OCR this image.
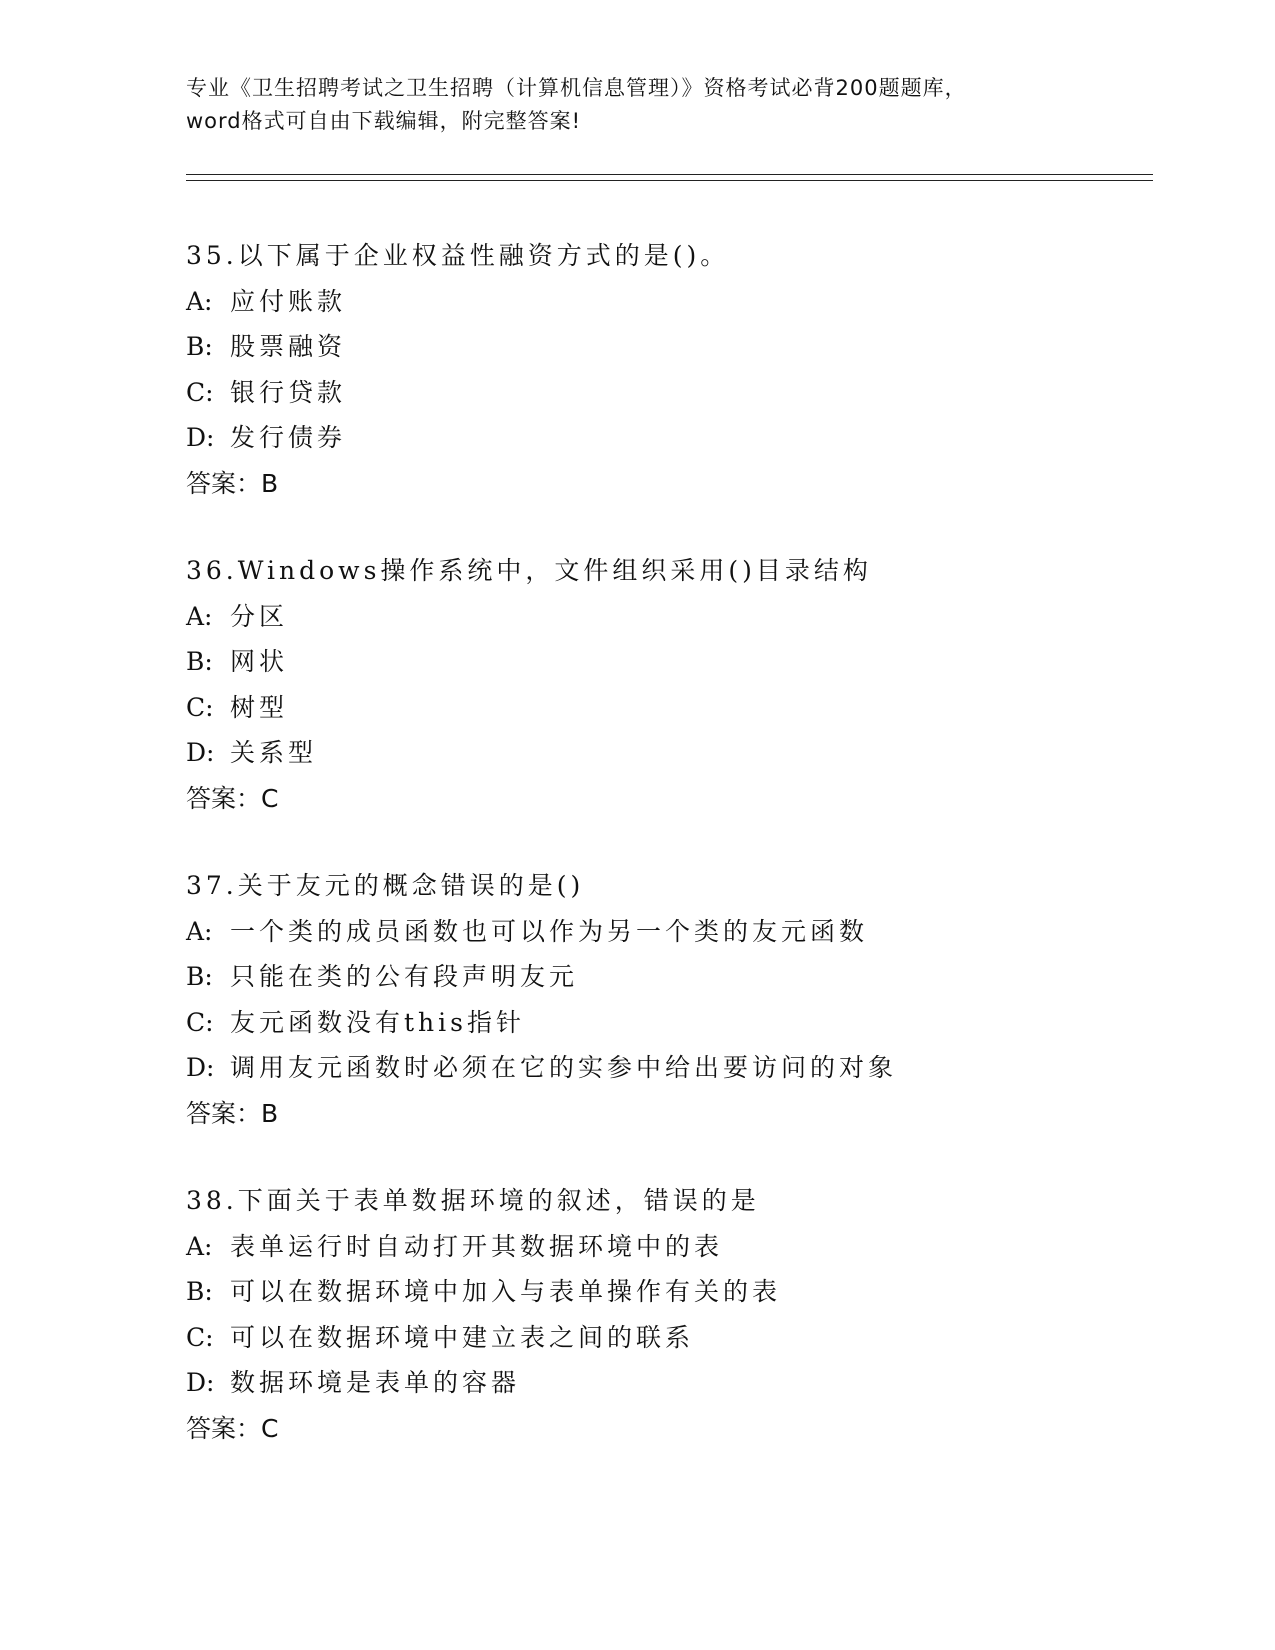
专业《卫生招聘考试之卫生招聘（计算机信息管理）》资格考试必背200题题库，
word格式可自由下载编辑，附完整答案!
35.以下属于企业权益性融资方式的是()。
A: 应付账款
B: 股票融资
C: 银行贷款
D: 发行债券
答案：B
36.Windows操作系统中，文件组织采用()目录结构
A: 分区
B: 网状
C: 树型
D: 关系型
答案：C
37.关于友元的概念错误的是()
A: 一个类的成员函数也可以作为另一个类的友元函数
B: 只能在类的公有段声明友元
C: 友元函数没有this指针
D: 调用友元函数时必须在它的实参中给出要访问的对象
答案：B
38.下面关于表单数据环境的叙述，错误的是
A: 表单运行时自动打开其数据环境中的表
B: 可以在数据环境中加入与表单操作有关的表
C: 可以在数据环境中建立表之间的联系
D: 数据环境是表单的容器
答案：C
